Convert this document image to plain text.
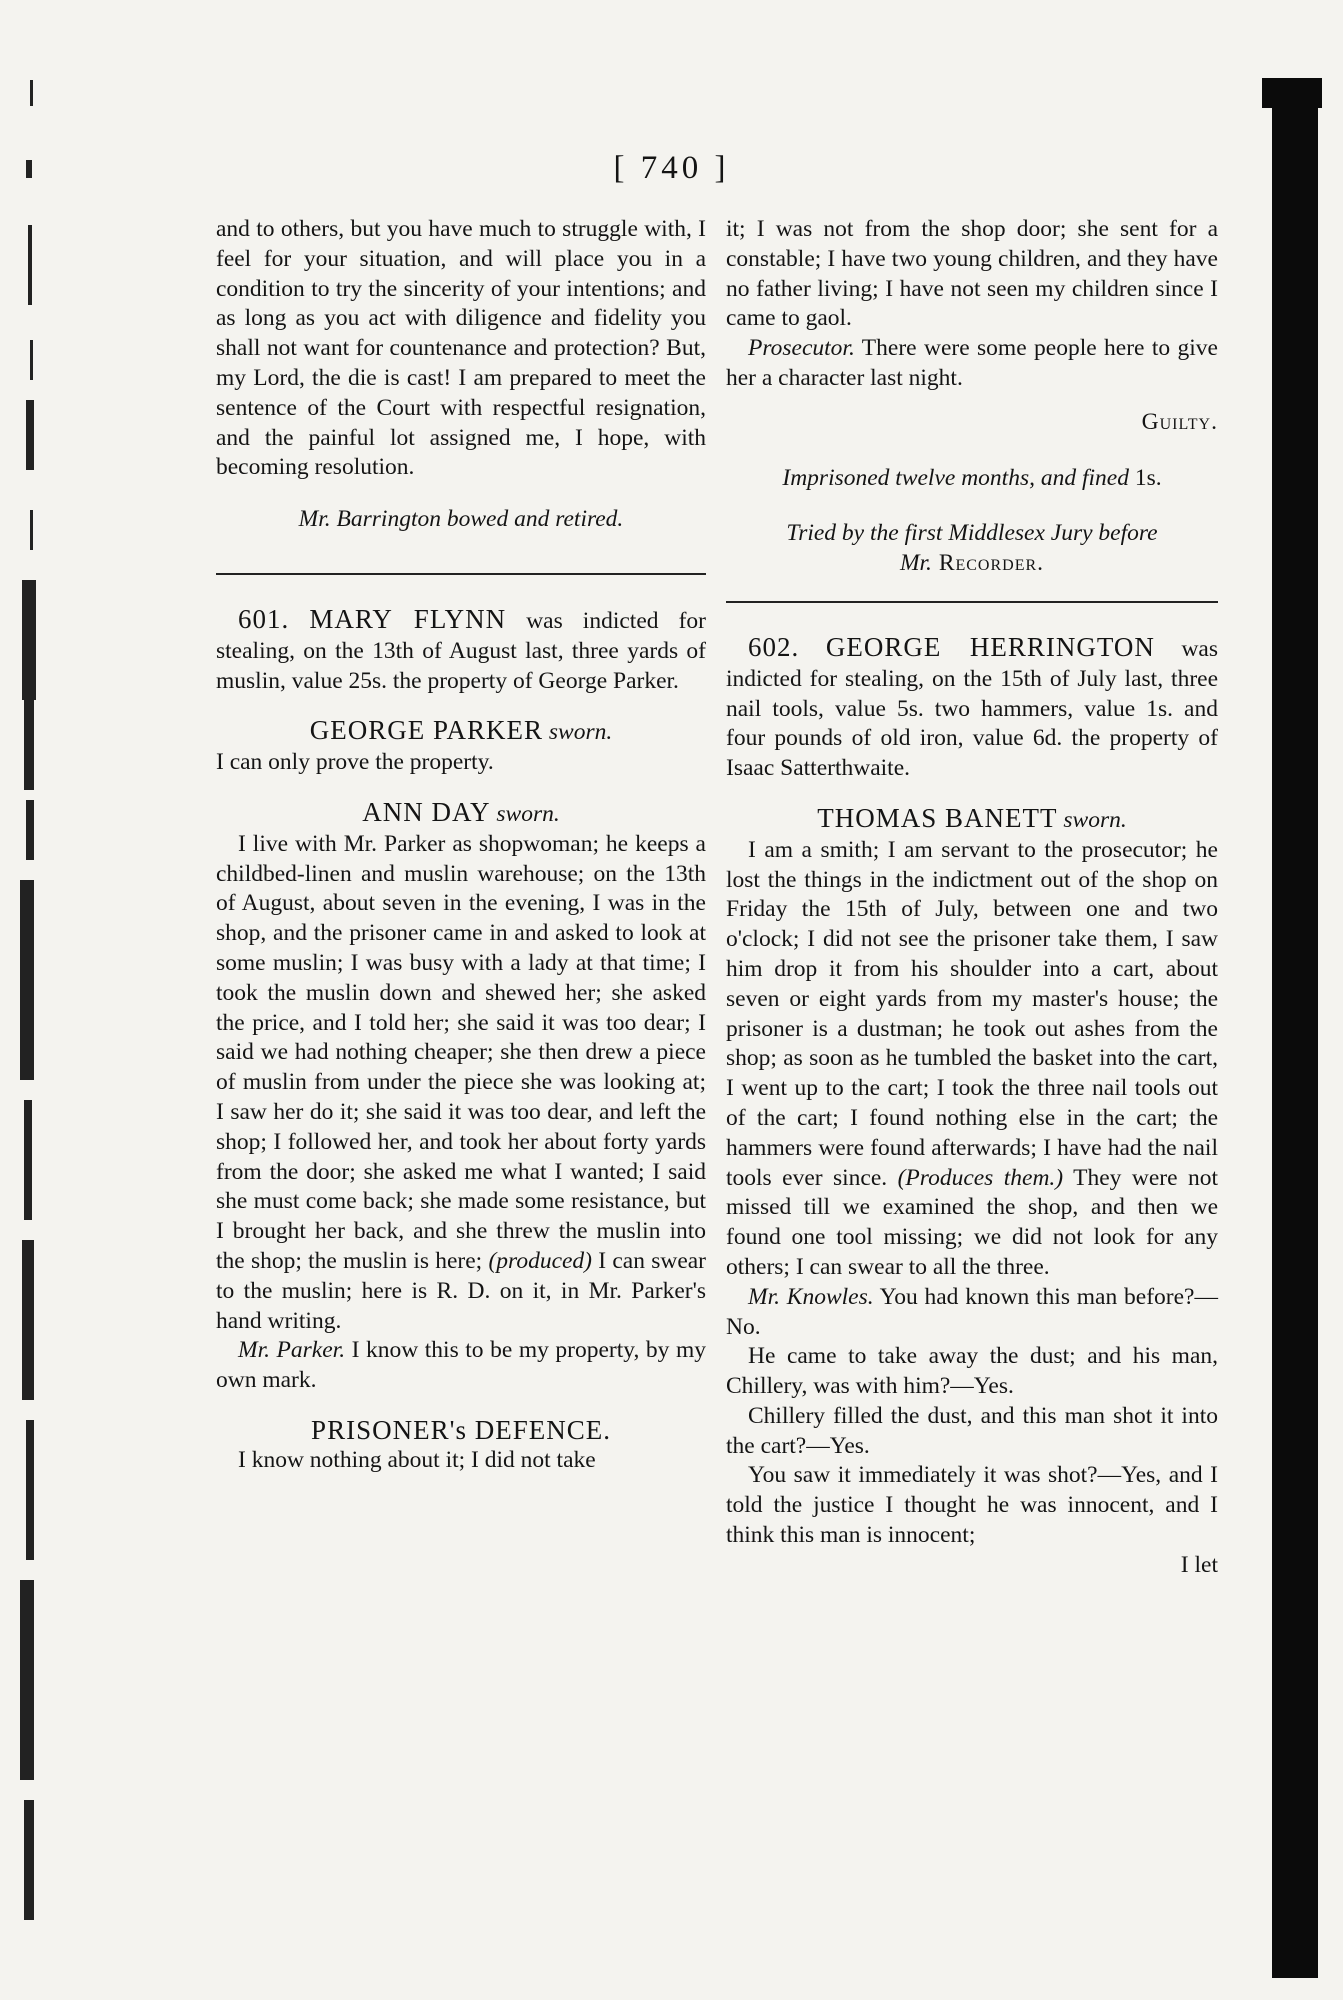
[ 740 ]

and to others, but you have much to struggle with, I feel for your situation, and will place you in a condition to try the sincerity of your intentions; and as long as you act with diligence and fidelity you shall not want for countenance and protection? But, my Lord, the die is cast! I am prepared to meet the sentence of the Court with respectful resignation, and the painful lot assigned me, I hope, with becoming resolution.

Mr. Barrington bowed and retired.

601. MARY FLYNN was indicted for stealing, on the 13th of August last, three yards of muslin, value 25s. the property of George Parker.

GEORGE PARKER sworn.

I can only prove the property.

ANN DAY sworn.

I live with Mr. Parker as shopwoman; he keeps a childbed-linen and muslin warehouse; on the 13th of August, about seven in the evening, I was in the shop, and the prisoner came in and asked to look at some muslin; I was busy with a lady at that time; I took the muslin down and shewed her; she asked the price, and I told her; she said it was too dear; I said we had nothing cheaper; she then drew a piece of muslin from under the piece she was looking at; I saw her do it; she said it was too dear, and left the shop; I followed her, and took her about forty yards from the door; she asked me what I wanted; I said she must come back; she made some resistance, but I brought her back, and she threw the muslin into the shop; the muslin is here; (produced) I can swear to the muslin; here is R. D. on it, in Mr. Parker's hand writing.

Mr. Parker. I know this to be my property, by my own mark.

PRISONER's DEFENCE.

I know nothing about it; I did not take

it; I was not from the shop door; she sent for a constable; I have two young children, and they have no father living; I have not seen my children since I came to gaol.

Prosecutor. There were some people here to give her a character last night.

Guilty.

Imprisoned twelve months, and fined 1s.

Tried by the first Middlesex Jury before

Mr. Recorder.

602. GEORGE HERRINGTON was indicted for stealing, on the 15th of July last, three nail tools, value 5s. two hammers, value 1s. and four pounds of old iron, value 6d. the property of Isaac Satterthwaite.

THOMAS BANETT sworn.

I am a smith; I am servant to the prosecutor; he lost the things in the indictment out of the shop on Friday the 15th of July, between one and two o'clock; I did not see the prisoner take them, I saw him drop it from his shoulder into a cart, about seven or eight yards from my master's house; the prisoner is a dustman; he took out ashes from the shop; as soon as he tumbled the basket into the cart, I went up to the cart; I took the three nail tools out of the cart; I found nothing else in the cart; the hammers were found afterwards; I have had the nail tools ever since. (Produces them.) They were not missed till we examined the shop, and then we found one tool missing; we did not look for any others; I can swear to all the three.

Mr. Knowles. You had known this man before?—No.

He came to take away the dust; and his man, Chillery, was with him?—Yes.

Chillery filled the dust, and this man shot it into the cart?—Yes.

You saw it immediately it was shot?—Yes, and I told the justice I thought he was innocent, and I think this man is innocent;

I let
